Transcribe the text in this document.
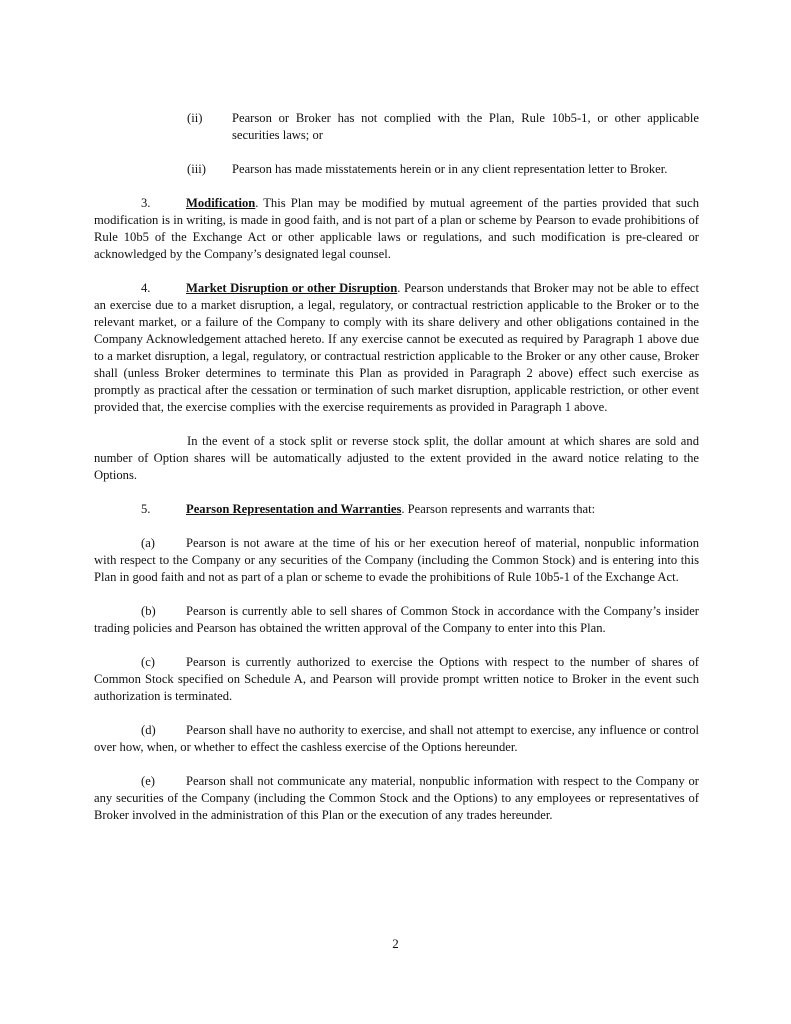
(ii)	Pearson or Broker has not complied with the Plan, Rule 10b5-1, or other applicable securities laws; or
(iii)	Pearson has made misstatements herein or in any client representation letter to Broker.

3.	Modification. This Plan may be modified by mutual agreement of the parties provided that such modification is in writing, is made in good faith, and is not part of a plan or scheme by Pearson to evade prohibitions of Rule 10b5 of the Exchange Act or other applicable laws or regulations, and such modification is pre-cleared or acknowledged by the Company’s designated legal counsel.

4.	Market Disruption or other Disruption. Pearson understands that Broker may not be able to effect an exercise due to a market disruption, a legal, regulatory, or contractual restriction applicable to the Broker or to the relevant market, or a failure of the Company to comply with its share delivery and other obligations contained in the Company Acknowledgement attached hereto. If any exercise cannot be executed as required by Paragraph 1 above due to a market disruption, a legal, regulatory, or contractual restriction applicable to the Broker or any other cause, Broker shall (unless Broker determines to terminate this Plan as provided in Paragraph 2 above) effect such exercise as promptly as practical after the cessation or termination of such market disruption, applicable restriction, or other event provided that, the exercise complies with the exercise requirements as provided in Paragraph 1 above.

In the event of a stock split or reverse stock split, the dollar amount at which shares are sold and number of Option shares will be automatically adjusted to the extent provided in the award notice relating to the Options.

5.	Pearson Representation and Warranties. Pearson represents and warrants that:

(a) Pearson is not aware at the time of his or her execution hereof of material, nonpublic information with respect to the Company or any securities of the Company (including the Common Stock) and is entering into this Plan in good faith and not as part of a plan or scheme to evade the prohibitions of Rule 10b5-1 of the Exchange Act.

(b) Pearson is currently able to sell shares of Common Stock in accordance with the Company’s insider trading policies and Pearson has obtained the written approval of the Company to enter into this Plan.

(c) Pearson is currently authorized to exercise the Options with respect to the number of shares of Common Stock specified on Schedule A, and Pearson will provide prompt written notice to Broker in the event such authorization is terminated.

(d) Pearson shall have no authority to exercise, and shall not attempt to exercise, any influence or control over how, when, or whether to effect the cashless exercise of the Options hereunder.

(e) Pearson shall not communicate any material, nonpublic information with respect to the Company or any securities of the Company (including the Common Stock and the Options) to any employees or representatives of Broker involved in the administration of this Plan or the execution of any trades hereunder.

2
